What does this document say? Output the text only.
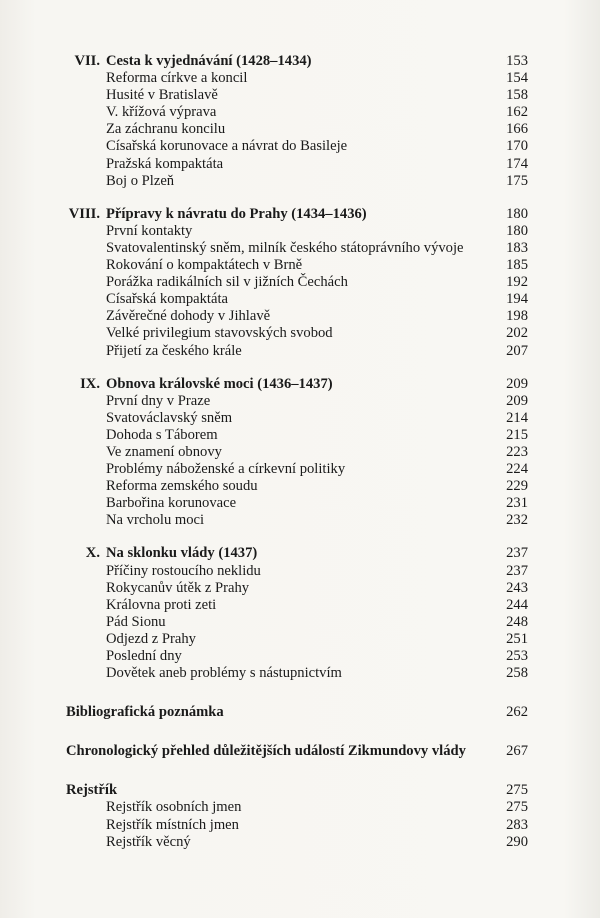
VII. Cesta k vyjednávání (1428–1434)	153
Reforma církve a koncil	154
Husité v Bratislavě	158
V. křížová výprava	162
Za záchranu koncilu	166
Císařská korunovace a návrat do Basileje	170
Pražská kompaktáta	174
Boj o Plzeň	175
VIII. Přípravy k návratu do Prahy (1434–1436)	180
První kontakty	180
Svatovalentinský sněm, milník českého státoprávního vývoje	183
Rokování o kompaktátech v Brně	185
Porážka radikálních sil v jižních Čechách	192
Císařská kompaktáta	194
Závěrečné dohody v Jihlavě	198
Velké privilegium stavovských svobod	202
Přijetí za českého krále	207
IX. Obnova královské moci (1436–1437)	209
První dny v Praze	209
Svatováclavský sněm	214
Dohoda s Táborem	215
Ve znamení obnovy	223
Problémy náboženské a církevní politiky	224
Reforma zemského soudu	229
Barbořina korunovace	231
Na vrcholu moci	232
X. Na sklonku vlády (1437)	237
Příčiny rostoucího neklidu	237
Rokycanův útěk z Prahy	243
Královna proti zeti	244
Pád Sionu	248
Odjezd z Prahy	251
Poslední dny	253
Dovětek aneb problémy s nástupnictvím	258
Bibliografická poznámka	262
Chronologický přehled důležitějších událostí Zikmundovy vlády	267
Rejstřík	275
Rejstřík osobních jmen	275
Rejstřík místních jmen	283
Rejstřík věcný	290
